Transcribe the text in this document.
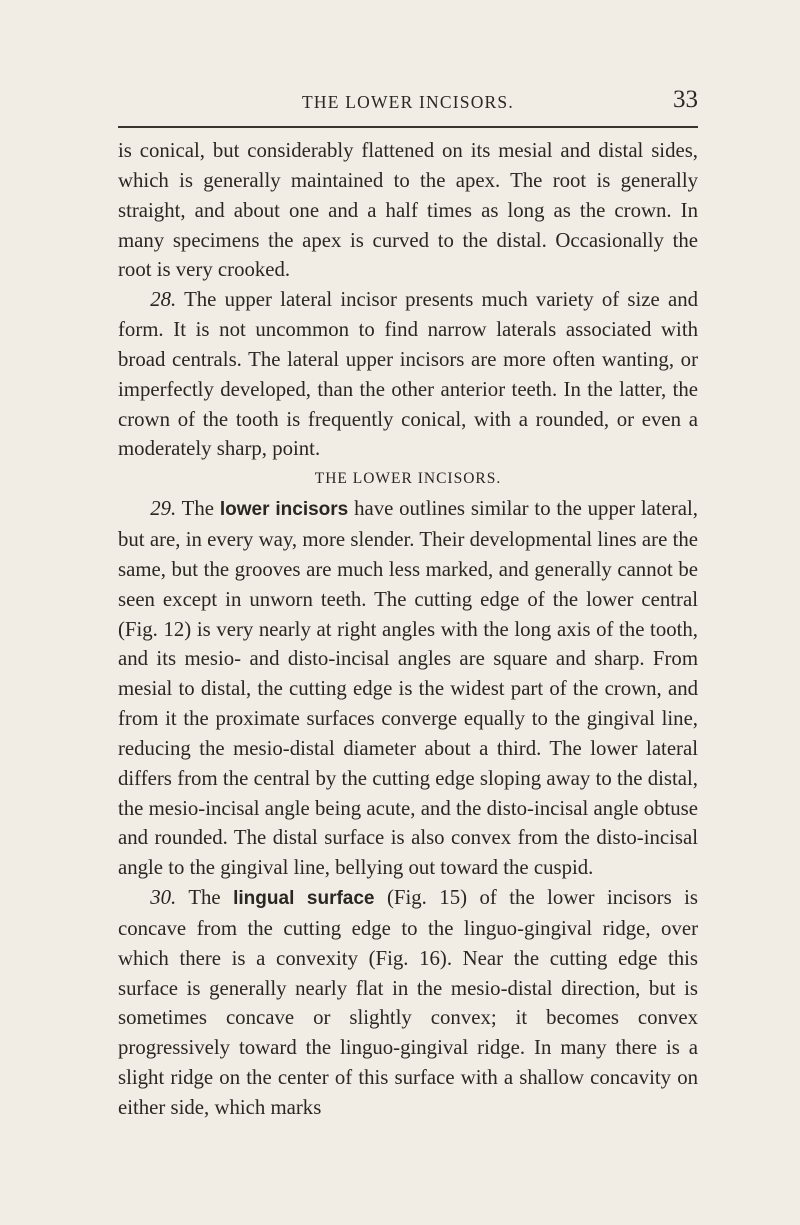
THE LOWER INCISORS.	33

is conical, but considerably flattened on its mesial and distal sides, which is generally maintained to the apex. The root is generally straight, and about one and a half times as long as the crown. In many specimens the apex is curved to the distal. Occasionally the root is very crooked.

28. The upper lateral incisor presents much variety of size and form. It is not uncommon to find narrow laterals associated with broad centrals. The lateral upper incisors are more often wanting, or imperfectly developed, than the other anterior teeth. In the latter, the crown of the tooth is frequently conical, with a rounded, or even a moderately sharp, point.

THE LOWER INCISORS.

29. The lower incisors have outlines similar to the upper lateral, but are, in every way, more slender. Their developmental lines are the same, but the grooves are much less marked, and generally cannot be seen except in unworn teeth. The cutting edge of the lower central (Fig. 12) is very nearly at right angles with the long axis of the tooth, and its mesio- and disto-incisal angles are square and sharp. From mesial to distal, the cutting edge is the widest part of the crown, and from it the proximate surfaces converge equally to the gingival line, reducing the mesio-distal diameter about a third. The lower lateral differs from the central by the cutting edge sloping away to the distal, the mesio-incisal angle being acute, and the disto-incisal angle obtuse and rounded. The distal surface is also convex from the disto-incisal angle to the gingival line, bellying out toward the cuspid.

30. The lingual surface (Fig. 15) of the lower incisors is concave from the cutting edge to the linguo-gingival ridge, over which there is a convexity (Fig. 16). Near the cutting edge this surface is generally nearly flat in the mesio-distal direction, but is sometimes concave or slightly convex; it becomes convex progressively toward the linguo-gingival ridge. In many there is a slight ridge on the center of this surface with a shallow concavity on either side, which marks
